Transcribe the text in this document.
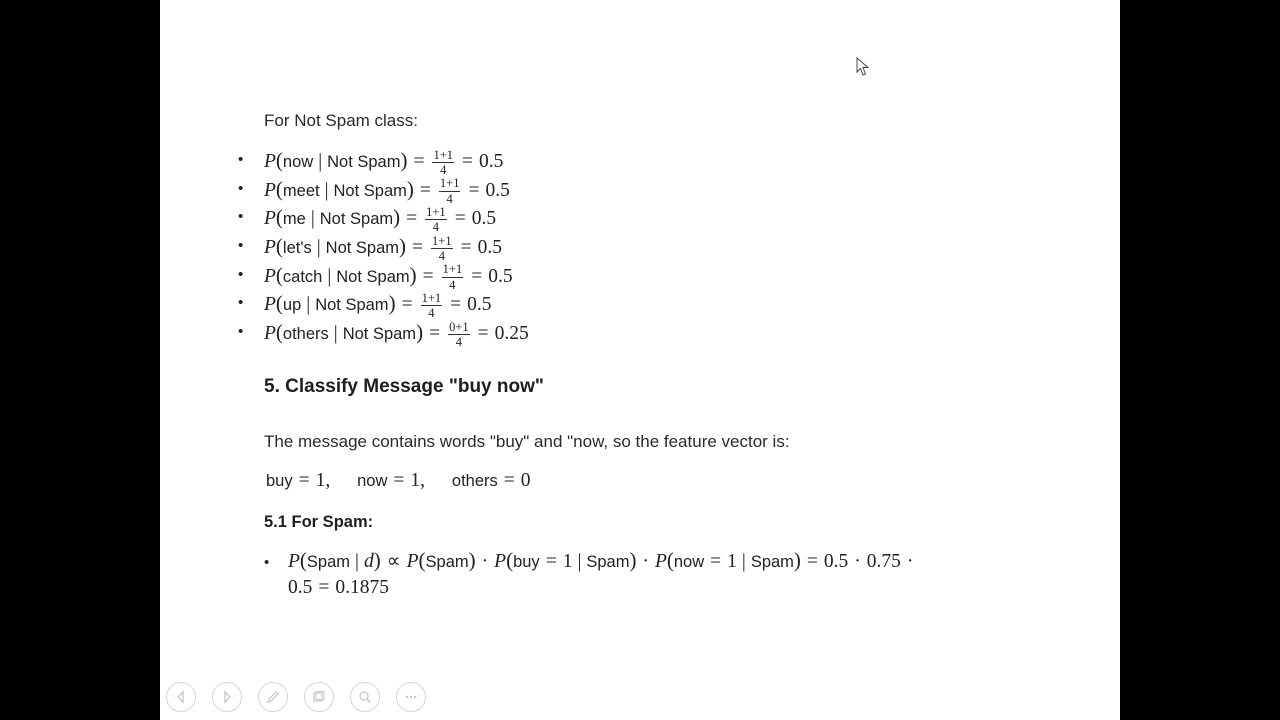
For Not Spam class:
• P(now | Not Spam) = $\frac{1+1}{4} = 0.5$
• P(meet | Not Spam) = $\frac{1+1}{4} = 0.5$
• P(me | Not Spam) = $\frac{1+1}{4} = 0.5$
• P(let's | Not Spam) = $\frac{1+1}{4} = 0.5$
• P(catch | Not Spam) = $\frac{1+1}{4} = 0.5$
• P(up | Not Spam) = $\frac{1+1}{4} = 0.5$
• P(others | Not Spam) = $\frac{0+1}{4} = 0.25$
5. Classify Message "buy now"
The message contains words "buy" and "now, so the feature vector is:
buy = 1, now = 1, others = 0
5.1 For Spam:
• P(Spam | d) ∝ P(Spam) · P(buy = 1 | Spam) · P(now = 1 | Spam) = 0.5 · 0.75 ·
0.5 = 0.1875
